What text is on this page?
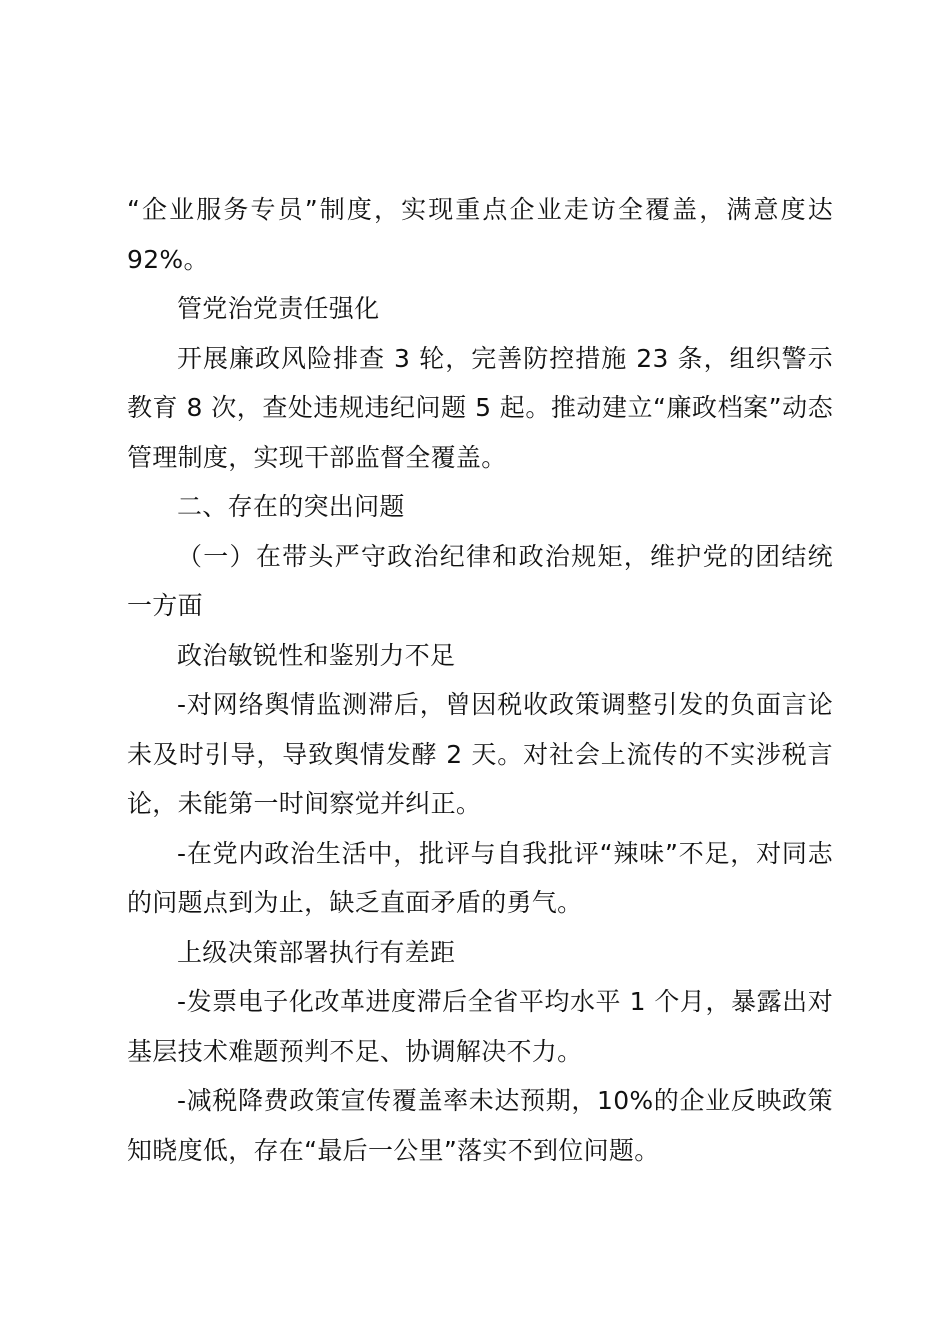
“企业服务专员”制度，实现重点企业走访全覆盖，满意度达92%。

管党治党责任强化

开展廉政风险排查 3 轮，完善防控措施 23 条，组织警示教育 8 次，查处违规违纪问题 5 起。推动建立“廉政档案”动态管理制度，实现干部监督全覆盖。

二、存在的突出问题

（一）在带头严守政治纪律和政治规矩，维护党的团结统一方面

政治敏锐性和鉴别力不足

-对网络舆情监测滞后，曾因税收政策调整引发的负面言论未及时引导，导致舆情发酵 2 天。对社会上流传的不实涉税言论，未能第一时间察觉并纠正。

-在党内政治生活中，批评与自我批评“辣味”不足，对同志的问题点到为止，缺乏直面矛盾的勇气。

上级决策部署执行有差距

-发票电子化改革进度滞后全省平均水平 1 个月，暴露出对基层技术难题预判不足、协调解决不力。

-减税降费政策宣传覆盖率未达预期，10%的企业反映政策知晓度低，存在“最后一公里”落实不到位问题。
